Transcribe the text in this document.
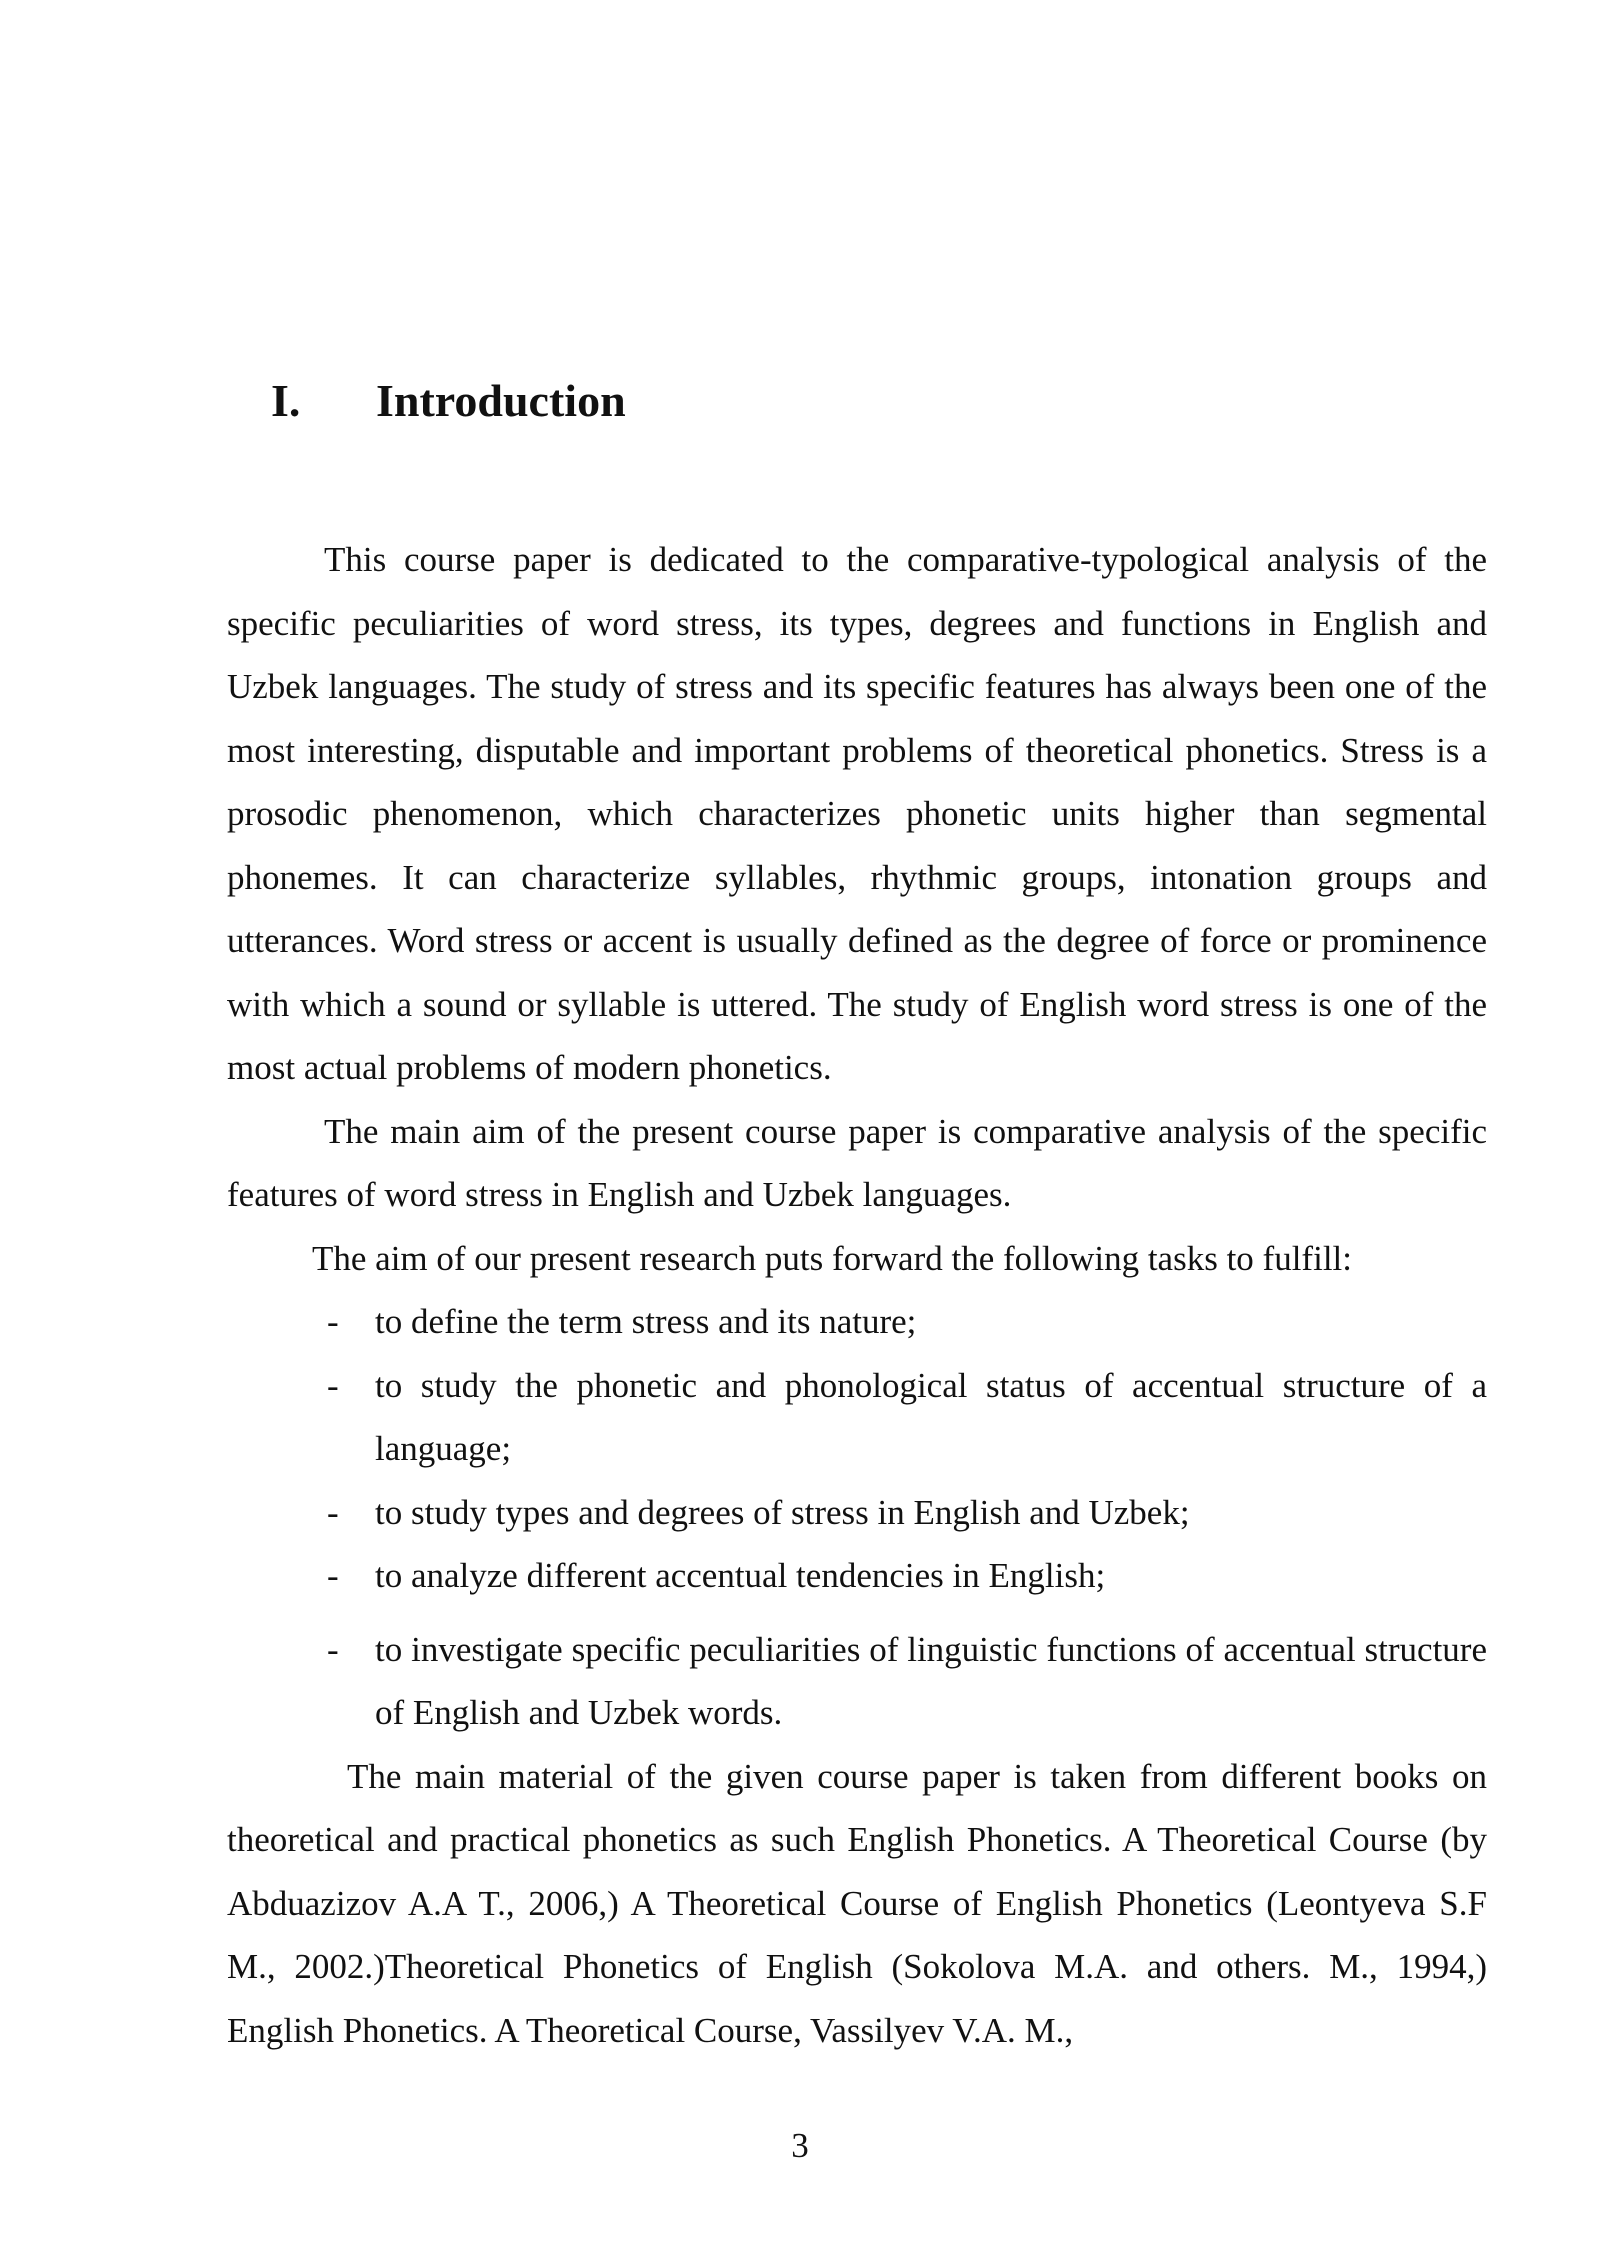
I. Introduction

This course paper is dedicated to the comparative-typological analysis of the specific peculiarities of word stress, its types, degrees and functions in English and Uzbek languages. The study of stress and its specific features has always been one of the most interesting, disputable and important problems of theoretical phonetics. Stress is a prosodic phenomenon, which characterizes phonetic units higher than segmental phonemes. It can characterize syllables, rhythmic groups, intonation groups and utterances. Word stress or accent is usually defined as the degree of force or prominence with which a sound or syllable is uttered. The study of English word stress is one of the most actual problems of modern phonetics.

The main aim of the present course paper is comparative analysis of the specific features of word stress in English and Uzbek languages.

The aim of our present research puts forward the following tasks to fulfill:

- to define the term stress and its nature;
- to study the phonetic and phonological status of accentual structure of a language;
- to study types and degrees of stress in English and Uzbek;
- to analyze different accentual tendencies in English;
- to investigate specific peculiarities of linguistic functions of accentual structure of English and Uzbek words.

The main material of the given course paper is taken from different books on theoretical and practical phonetics as such English Phonetics. A Theoretical Course (by Abduazizov A.A T., 2006,) A Theoretical Course of English Phonetics (Leontyeva S.F M., 2002.)Theoretical Phonetics of English (Sokolova M.A. and others. M., 1994,) English Phonetics. A Theoretical Course, Vassilyev V.A. M.,

3
